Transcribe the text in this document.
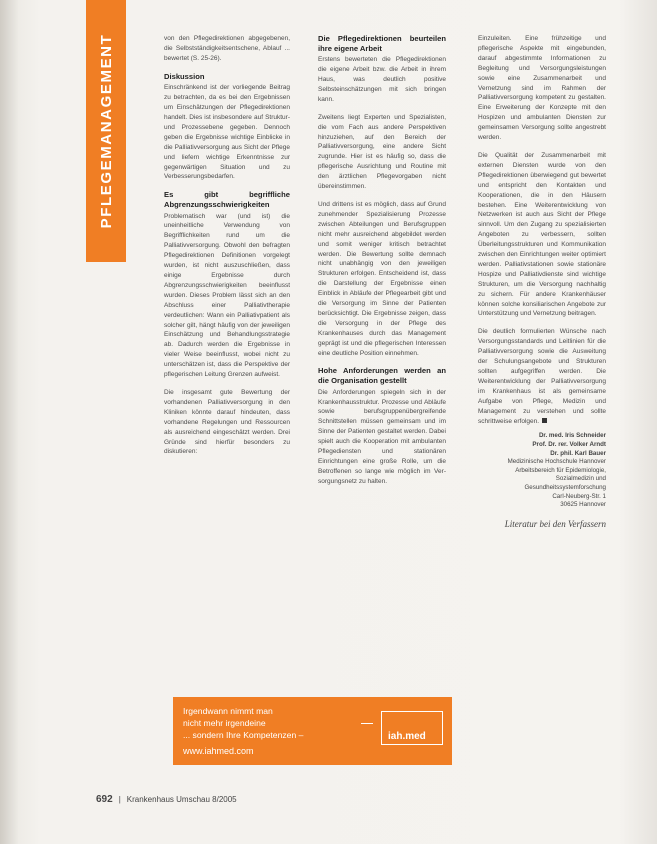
PFLEGEMANAGEMENT	von den Pflegedirektionen abgegebenen, die Selbstständigkeitsentschene, Ablauf ... bewertet (S. 25-26).

Diskussion

Einschränkend ist der vorliegende Beitrag zu betrachten, da es bei den Ergebnissen um Einschätzungen der Pflegedirektionen handelt. Dies ist insbesondere auf Struktur- und Prozessebene gegeben. Dennoch geben die Ergebnisse wichtige Einblicke in die Palliativversorgung aus Sicht der Pflege und liefern wichtige Erkenntnisse zur gegenwärtigen Situation und zu Verbesserungsbedarfen.

Es gibt begriffliche Abgrenzungsschwierigkeiten

Problematisch war (und ist) die uneinheitliche Verwendung von Begrifflichkeiten rund um die Palliativversorgung. Obwohl den befragten Pflegedirektionen Definitionen vorgelegt wurden, ist nicht auszuschließen, dass einige Ergebnisse durch Abgrenzungsschwierigkeiten beeinflusst wurden. Dieses Problem lässt sich an den Abschluss einer Palliativtherapie verdeutlichen: Wann ein Palliativpatient als solcher gilt, hängt häufig von der jeweiligen Einschätzung und Behandlungsstrategie ab. Dadurch werden die Ergebnisse in vieler Weise beeinflusst, wobei nicht zu unterschätzen ist, dass die Perspektive der pflegerischen Leitung Grenzen aufweist.

Die insgesamt gute Bewertung der vorhandenen Palliativversorgung in den Kliniken könnte darauf hindeuten, dass vorhandene Regelungen und Ressourcen als ausreichend eingeschätzt werden. Drei Gründe sind hierfür besonders zu diskutieren:

Die Pflegedirektionen beurteilen ihre eigene Arbeit

Erstens bewerteten die Pflegedirektionen die eigene Arbeit bzw. die Arbeit in ihrem Haus, was deutlich positive Selbsteinschätzungen mit sich bringen kann.

Zweitens liegt Experten und Spezialisten, die vom Fach aus andere Perspektiven hinzuziehen, auf den Bereich der Palliativversorgung, eine andere Sicht zugrunde. Hier ist es häufig so, dass die pflegerische Ausrichtung und Routine mit den ärztlichen Pflegevorgaben nicht übereinstimmen.

Und drittens ist es möglich, dass auf Grund zunehmender Spezialisierung Prozesse zwischen Abteilungen und Berufsgruppen nicht mehr ausreichend abgebildet werden und somit weniger kritisch betrachtet werden. Die Bewertung sollte demnach nicht unabhängig von den jeweiligen Strukturen erfolgen. Entscheidend ist, dass die Darstellung der Ergebnisse einen Einblick in Abläufe der Pflegearbeit gibt und die Versorgung im Sinne der Patienten berücksichtigt. Die Ergebnisse zeigen, dass die Versorgung in der Pflege des Krankenhauses durch das Management geprägt ist und die pflegerischen Interessen eine deutliche Position einnehmen.

Hohe Anforderungen werden an die Organisation gestellt

Die Anforderungen spiegeln sich in der Krankenhausstruktur. Prozesse und Abläufe sowie berufsgruppenübergreifende Schnittstellen müssen gemeinsam und im Sinne der Patienten gestaltet werden. Dabei spielt auch die Kooperation mit ambulanten Pflegediensten und stationären Einrichtungen eine große Rolle, um die Betroffenen so lange wie möglich im Versorgungsnetz zu halten.

Einzuleiten. Eine frühzeitige und pflegerische Aspekte mit eingebunden, darauf abgestimmte Informationen zu Begleitung und Versorgungsleistungen sowie eine Zusammenarbeit und Vernetzung sind im Rahmen der Palliativversorgung kompetent zu gestalten. Eine Erweiterung der Konzepte mit den Hospizen und ambulanten Diensten zur gemeinsamen Versorgung sollte angestrebt werden.

Die Qualität der Zusammenarbeit mit externen Diensten wurde von den Pflegedirektionen überwiegend gut bewertet und entspricht den Kontakten und Kooperationen, die in den Häusern bestehen. Eine Weiterentwicklung von Netzwerken ist auch aus Sicht der Pflege sinnvoll. Um den Zugang zu spezialisierten Angeboten zu verbessern, sollten Überleitungsstrukturen und Kommunikation zwischen den Einrichtungen weiter optimiert werden. Palliativstationen sowie stationäre Hospize und Palliativdienste sind wichtige Strukturen, um die Versorgung nachhaltig zu sichern. Für andere Krankenhäuser können solche konsiliarischen Angebote zur Unterstützung und Vernetzung beitragen.

Die deutlich formulierten Wünsche nach Versorgungsstandards und Leitlinien für die Palliativversorgung sowie die Ausweitung der Schulungsangebote und Strukturen sollten aufgegriffen werden. Die Weiterentwicklung der Palliativversorgung im Krankenhaus ist als gemeinsame Aufgabe von Pflege, Medizin und Management zu verstehen und sollte schrittweise erfolgen.

Dr. med. Iris Schneider
Prof. Dr. rer. Volker Arndt
Dr. phil. Karl Bauer
Medizinische Hochschule Hannover
Arbeitsbereich für Epidemiologie,
Sozialmedizin und
Gesundheitssystemforschung
Carl-Neuberg-Str. 1
30625 Hannover
Literatur bei den Verfassern
Irgendwann nimmt man
nicht mehr irgendeine
... sondern Ihre Kompetenzen –
www.iahmed.com
iah.med
692 | Krankenhaus Umschau 8/2005
